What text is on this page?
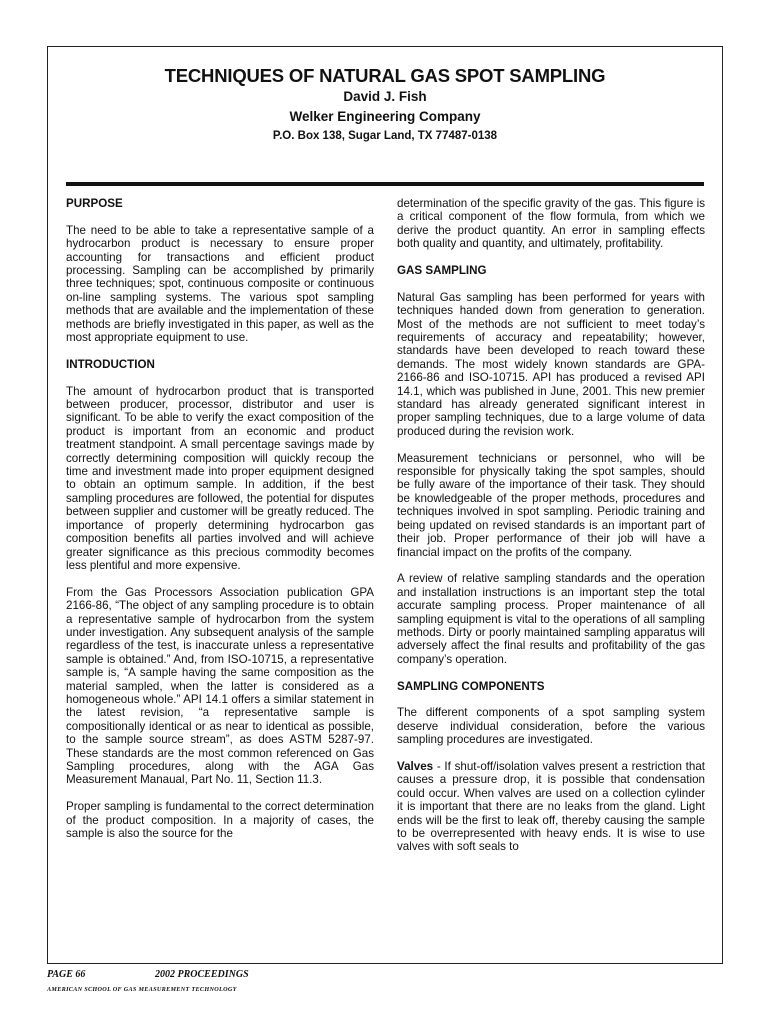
TECHNIQUES OF NATURAL GAS SPOT SAMPLING
David J. Fish
Welker Engineering Company
P.O. Box 138, Sugar Land, TX 77487-0138
PURPOSE

The need to be able to take a representative sample of a hydrocarbon product is necessary to ensure proper accounting for transactions and efficient product processing. Sampling can be accomplished by primarily three techniques; spot, continuous composite or continuous on-line sampling systems. The various spot sampling methods that are available and the implementation of these methods are briefly investigated in this paper, as well as the most appropriate equipment to use.

INTRODUCTION

The amount of hydrocarbon product that is transported between producer, processor, distributor and user is significant. To be able to verify the exact composition of the product is important from an economic and product treatment standpoint. A small percentage savings made by correctly determining composition will quickly recoup the time and investment made into proper equipment designed to obtain an optimum sample. In addition, if the best sampling procedures are followed, the potential for disputes between supplier and customer will be greatly reduced. The importance of properly determining hydrocarbon gas composition benefits all parties involved and will achieve greater significance as this precious commodity becomes less plentiful and more expensive.

From the Gas Processors Association publication GPA 2166-86, “The object of any sampling procedure is to obtain a representative sample of hydrocarbon from the system under investigation. Any subsequent analysis of the sample regardless of the test, is inaccurate unless a representative sample is obtained.” And, from ISO-10715, a representative sample is, “A sample having the same composition as the material sampled, when the latter is considered as a homogeneous whole.” API 14.1 offers a similar statement in the latest revision, “a representative sample is compositionally identical or as near to identical as possible, to the sample source stream”, as does ASTM 5287-97. These standards are the most common referenced on Gas Sampling procedures, along with the AGA Gas Measurement Manaual, Part No. 11, Section 11.3.

Proper sampling is fundamental to the correct determination of the product composition. In a majority of cases, the sample is also the source for the

determination of the specific gravity of the gas. This figure is a critical component of the flow formula, from which we derive the product quantity. An error in sampling effects both quality and quantity, and ultimately, profitability.

GAS SAMPLING

Natural Gas sampling has been performed for years with techniques handed down from generation to generation. Most of the methods are not sufficient to meet today’s requirements of accuracy and repeatability; however, standards have been developed to reach toward these demands. The most widely known standards are GPA-2166-86 and ISO-10715. API has produced a revised API 14.1, which was published in June, 2001. This new premier standard has already generated significant interest in proper sampling techniques, due to a large volume of data produced during the revision work.

Measurement technicians or personnel, who will be responsible for physically taking the spot samples, should be fully aware of the importance of their task. They should be knowledgeable of the proper methods, procedures and techniques involved in spot sampling. Periodic training and being updated on revised standards is an important part of their job. Proper performance of their job will have a financial impact on the profits of the company.

A review of relative sampling standards and the operation and installation instructions is an important step the total accurate sampling process. Proper maintenance of all sampling equipment is vital to the operations of all sampling methods. Dirty or poorly maintained sampling apparatus will adversely affect the final results and profitability of the gas company’s operation.

SAMPLING COMPONENTS

The different components of a spot sampling system deserve individual consideration, before the various sampling procedures are investigated.

Valves - If shut-off/isolation valves present a restriction that causes a pressure drop, it is possible that condensation could occur. When valves are used on a collection cylinder it is important that there are no leaks from the gland. Light ends will be the first to leak off, thereby causing the sample to be overrepresented with heavy ends. It is wise to use valves with soft seals to

PAGE 66	2002 PROCEEDINGS
AMERICAN SCHOOL OF GAS MEASUREMENT TECHNOLOGY
